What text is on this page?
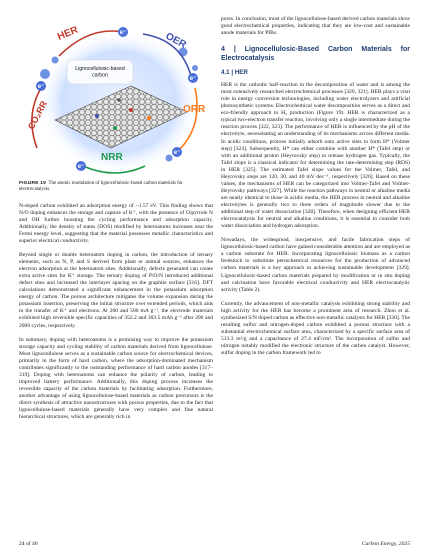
Lignocellulosic-based carbon
HER	OER
ORR
NRR
CO₂RR
e⁻
e⁻
e⁻
e⁻
e⁻

FIGURE 19 The atomic modulation of lignocellulosic-based carbon materials for electrocatalysis.

N-doped carbon exhibited an adsorption energy of −1.57 eV. This finding shows that N/O doping enhances the storage and capture of K⁺, with the presence of O/pyrrole N and OH further boosting the cycling performance and adsorption capacity. Additionally, the density of states (DOS) modified by heteroatoms increases near the Fermi energy level, suggesting that the material possesses metallic characteristics and superior electrical conductivity.

Beyond single or double heteroatom doping in carbon, the introduction of ternary elements, such as N, P, and S derived from plant or animal sources, enhances the electron adsorption at the heteroatom sites. Additionally, defects generated can create extra active sites for K⁺ storage. The ternary doping of P/O/N introduced additional defect sites and increased the interlayer spacing on the graphite surface [316]. DFT calculations demonstrated a significant enhancement in the potassium adsorption energy of carbon. The porous architecture mitigates the volume expansion during the potassium insertion, preserving the initial structure over extended periods, which aids in the transfer of K⁺ and electrons. At 200 and 500 mA g⁻¹, the electrode materials exhibited high reversible specific capacities of 352.2 and 303.5 mAh g⁻¹ after 200 and 2000 cycles, respectively.

In summary, doping with heteroatoms is a promising way to improve the potassium storage capacity and cycling stability of carbon materials derived from lignocellulose. Most lignocellulose serves as a sustainable carbon source for electrochemical devices, primarily in the form of hard carbon, where the adsorption-dominated mechanism contributes significantly to the outstanding performance of hard carbon anodes [317–319]. Doping with heteroatoms can enhance the polarity of carbon, leading to improved battery performance. Additionally, this doping process increases the reversible capacity of the carbon materials by facilitating adsorption. Furthermore, another advantage of using lignocellulose-based materials as carbon precursors is the direct synthesis of attractive nanostructures with porous properties, due to the fact that lignocellulose-based materials generally have very complex and fine natural hierarchical structures, which are generally rich in

pores. In conclusion, most of the lignocellulose-based derived carbon materials show good electrochemical properties, indicating that they are low-cost and sustainable anode materials for PIBs.

4 | Lignocellulosic-Based Carbon Materials for Electrocatalysis

4.1 | HER

HER is the cathodic half-reaction in the decomposition of water and is among the most extensively researched electrochemical processes [320, 321]. HER plays a vital role in energy conversion technologies, including water electrolyzers and artificial photosynthetic systems. Electrochemical water decomposition serves as a direct and eco-friendly approach to H₂ production (Figure 19). HER is characterized as a typical two-electron transfer reaction, involving only a single intermediate during the reaction process [322, 323]. The performance of HER is influenced by the pH of the electrolyte, necessitating an understanding of its mechanisms across different media. In acidic conditions, protons initially adsorb onto active sites to form H* (Volmer step) [324]. Subsequently, H* can either combine with another H* (Tafel step) or with an additional proton (Heyrovsky step) to release hydrogen gas. Typically, the Tafel slope is a classical indicator for determining the rate-determining step (RDS) in HER [325]. The estimated Tafel slope values for the Volmer, Tafel, and Heyrovsky steps are 120, 30, and 40 mV dec⁻¹, respectively [326]. Based on these values, the mechanisms of HER can be categorized into Volmer-Tafel and Volmer-Heyrovsky pathways [327]. While the reaction pathways in neutral or alkaline media are nearly identical to those in acidic media, the HER process in neutral and alkaline electrolytes is generally two to three orders of magnitude slower due to the additional step of water dissociation [328]. Therefore, when designing efficient HER electrocatalysts for neutral and alkaline conditions, it is essential to consider both water dissociation and hydrogen adsorption.

Nowadays, the widespread, inexpensive, and facile fabrication steps of lignocellulosic-based carbon have gained considerable attention and are employed as a carbon substrate for HER. Incorporating lignocellulosic biomass as a carbon feedstock to substitute petrochemical resources for the production of advanced carbon materials is a key approach to achieving sustainable development [329]. Lignocellulosic-based carbon materials prepared by modification or in situ doping and calcination have favorable electrical conductivity and HER electrocatalytic activity (Table 2).

Currently, the advancement of non-metallic catalysts exhibiting strong stability and high activity for the HER has become a prominent area of research. Zhou et al. synthesized S/N doped carbon as effective non-metallic catalysts for HER [330]. The resulting sulfur and nitrogen-doped carbon exhibited a porous structure with a substantial electrochemical surface area, characterized by a specific surface area of 513.3 m²/g and a capacitance of 27.4 mF/cm². The incorporation of sulfur and nitrogen notably modified the electronic structure of the carbon catalyst. However, sulfur doping in the carbon framework led to

24 of 46	Carbon Energy, 2025
